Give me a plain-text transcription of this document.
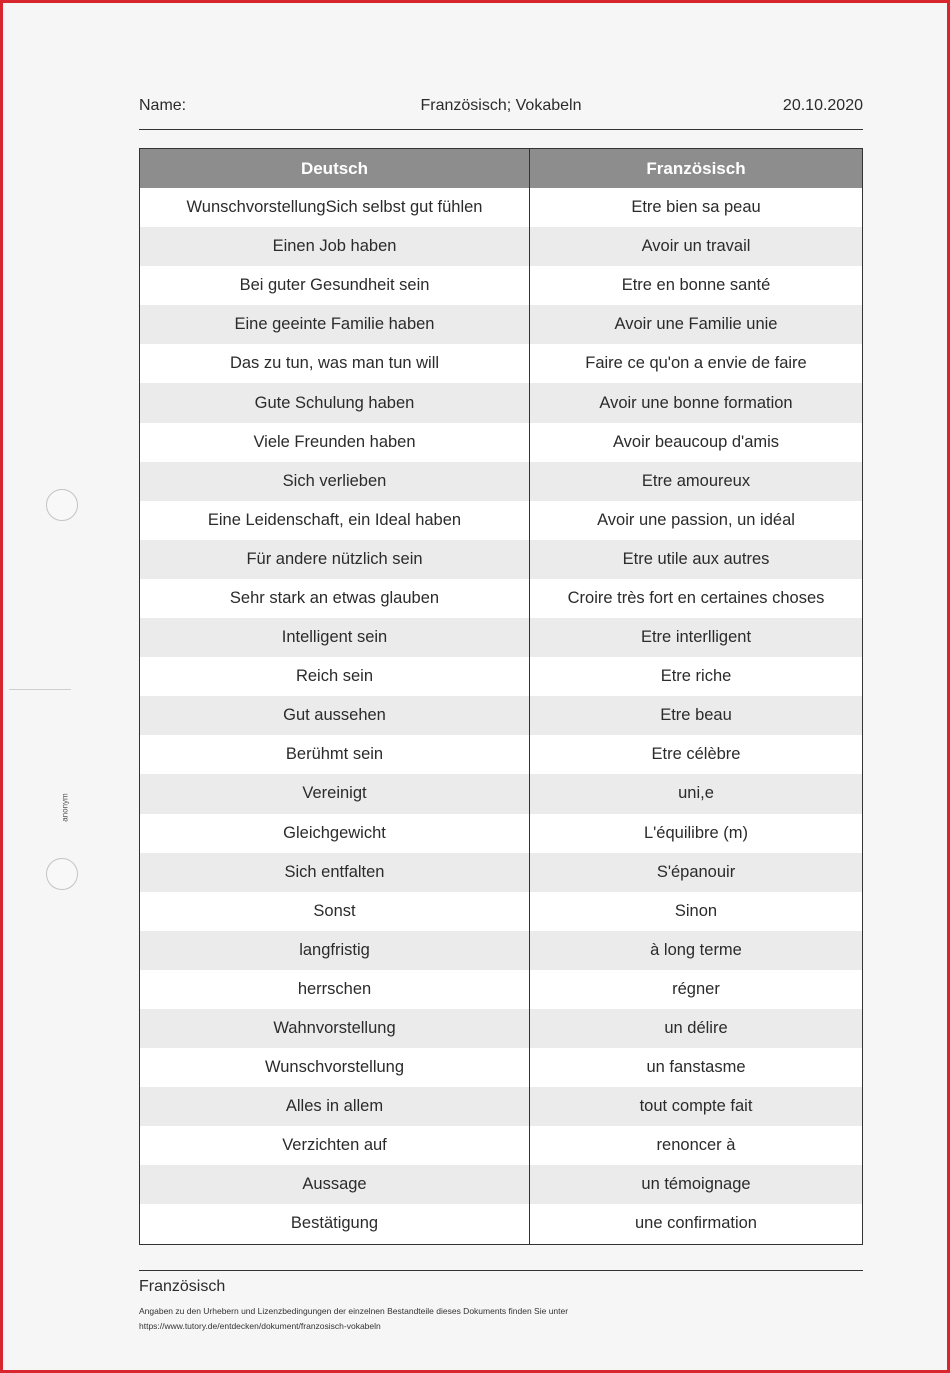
Name:	Französisch; Vokabeln	20.10.2020
Deutsch	Französisch
WunschvorstellungSich selbst gut fühlen	Etre bien sa peau
Einen Job haben	Avoir un travail
Bei guter Gesundheit sein	Etre en bonne santé
Eine geeinte Familie haben	Avoir une Familie unie
Das zu tun, was man tun will	Faire ce qu'on a envie de faire
Gute Schulung haben	Avoir une bonne formation
Viele Freunden haben	Avoir beaucoup d'amis
Sich verlieben	Etre amoureux
Eine Leidenschaft, ein Ideal haben	Avoir une passion, un idéal
Für andere nützlich sein	Etre utile aux autres
Sehr stark an etwas glauben	Croire très fort en certaines choses
Intelligent sein	Etre interlligent
Reich sein	Etre riche
Gut aussehen	Etre beau
Berühmt sein	Etre célèbre
Vereinigt	uni,e
Gleichgewicht	L'équilibre (m)
Sich entfalten	S'épanouir
Sonst	Sinon
langfristig	à long terme
herrschen	régner
Wahnvorstellung	un délire
Wunschvorstellung	un fanstasme
Alles in allem	tout compte fait
Verzichten auf	renoncer à
Aussage	un témoignage
Bestätigung	une confirmation
anonym
Französisch
Angaben zu den Urhebern und Lizenzbedingungen der einzelnen Bestandteile dieses Dokuments finden Sie unter
https://www.tutory.de/entdecken/dokument/franzosisch-vokabeln
